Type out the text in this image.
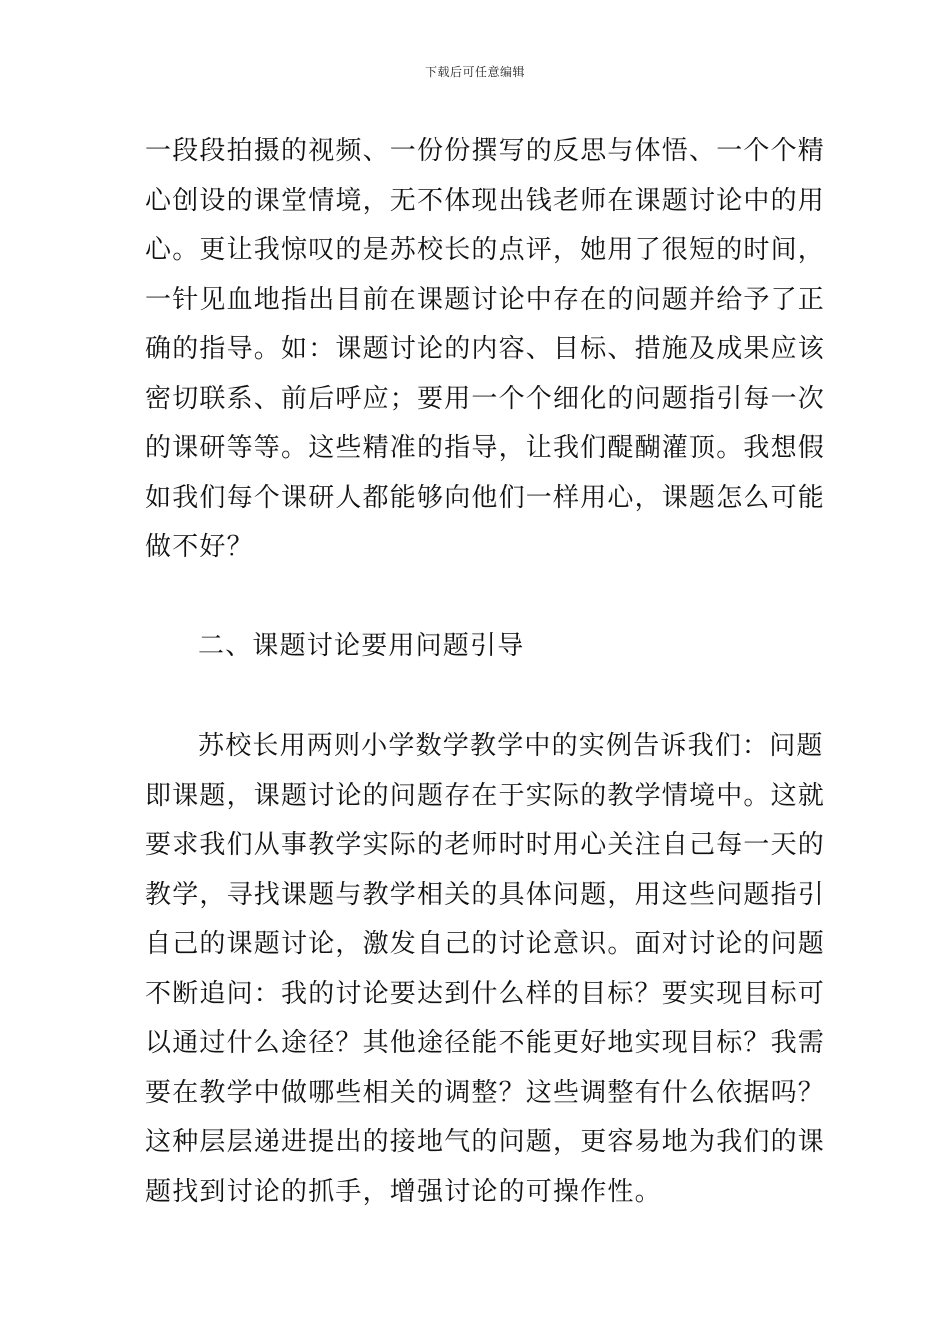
下载后可任意编辑
一段段拍摄的视频、一份份撰写的反思与体悟、一个个精
心创设的课堂情境，无不体现出钱老师在课题讨论中的用
心。更让我惊叹的是苏校长的点评，她用了很短的时间，
一针见血地指出目前在课题讨论中存在的问题并给予了正
确的指导。如：课题讨论的内容、目标、措施及成果应该
密切联系、前后呼应；要用一个个细化的问题指引每一次
的课研等等。这些精准的指导，让我们醍醐灌顶。我想假
如我们每个课研人都能够向他们一样用心，课题怎么可能
做不好？
二、课题讨论要用问题引导
苏校长用两则小学数学教学中的实例告诉我们：问题
即课题，课题讨论的问题存在于实际的教学情境中。这就
要求我们从事教学实际的老师时时用心关注自己每一天的
教学，寻找课题与教学相关的具体问题，用这些问题指引
自己的课题讨论，激发自己的讨论意识。面对讨论的问题
不断追问：我的讨论要达到什么样的目标？要实现目标可
以通过什么途径？其他途径能不能更好地实现目标？我需
要在教学中做哪些相关的调整？这些调整有什么依据吗？
这种层层递进提出的接地气的问题，更容易地为我们的课
题找到讨论的抓手，增强讨论的可操作性。
